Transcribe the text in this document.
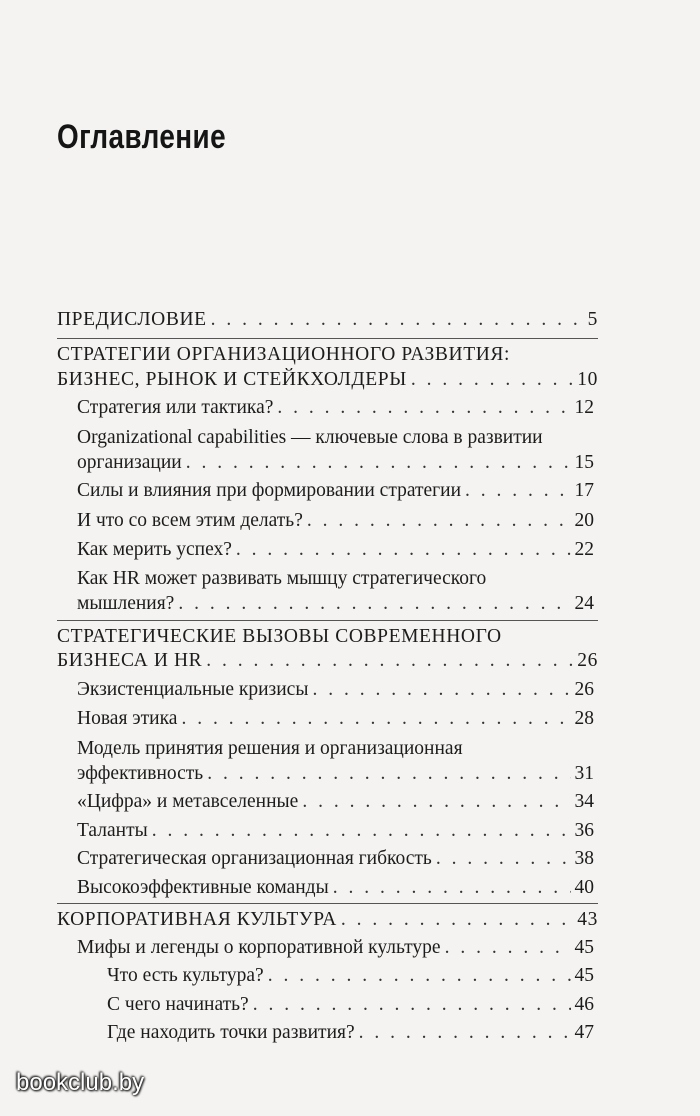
Оглавление
ПРЕДИСЛОВИЕ . . .	5
СТРАТЕГИИ ОРГАНИЗАЦИОННОГО РАЗВИТИЯ:
БИЗНЕС, РЫНОК И СТЕЙКХОЛДЕРЫ . . .	10
Стратегия или тактика? . . .	12
Organizational capabilities — ключевые слова в развитии
организации . . .	15
Силы и влияния при формировании стратегии . . .	17
И что со всем этим делать? . . .	20
Как мерить успех? . . .	22
Как HR может развивать мышцу стратегического
мышления? . . .	24
СТРАТЕГИЧЕСКИЕ ВЫЗОВЫ СОВРЕМЕННОГО
БИЗНЕСА И HR . . .	26
Экзистенциальные кризисы . . .	26
Новая этика . . .	28
Модель принятия решения и организационная
эффективность . . .	31
«Цифра» и метавселенные . . .	34
Таланты . . .	36
Стратегическая организационная гибкость . . .	38
Высокоэффективные команды . . .	40
КОРПОРАТИВНАЯ КУЛЬТУРА . . .	43
Мифы и легенды о корпоративной культуре . . .	45
Что есть культура? . . .	45
С чего начинать? . . .	46
Где находить точки развития? . . .	47
bookclub.by
